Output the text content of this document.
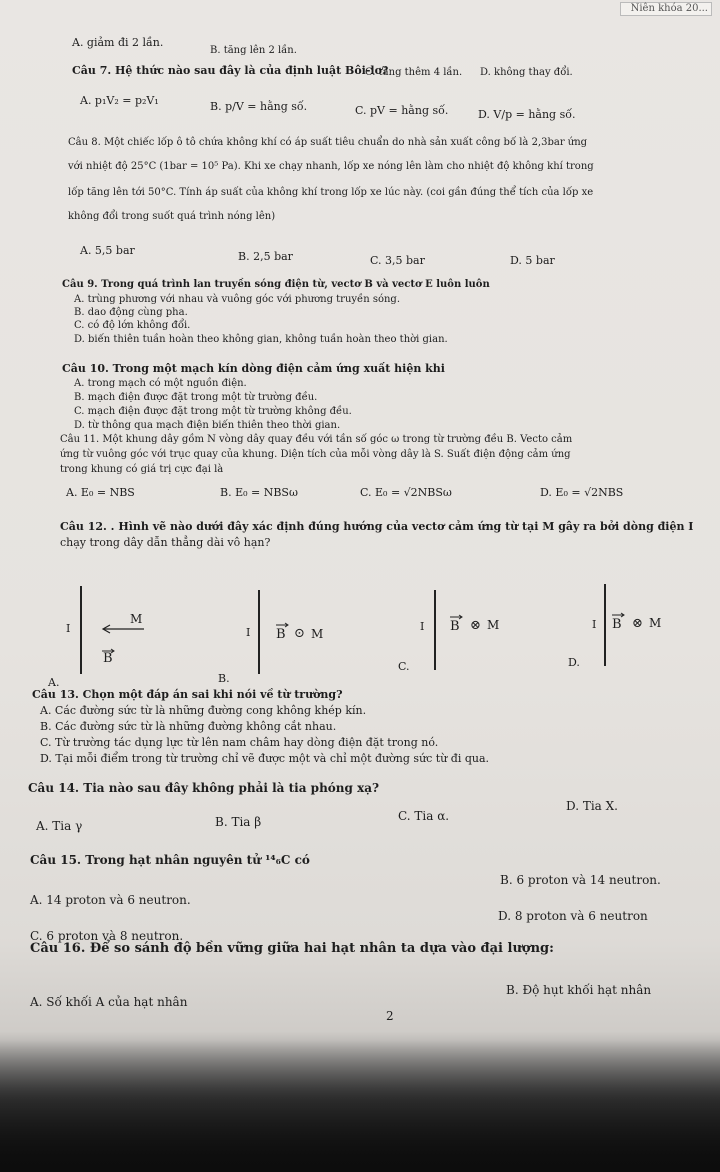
Niên khóa 20...
A. giảm đi 2 lần.
B. tăng lên 2 lần.
C. tăng thêm 4 lần. D. không thay đổi.
Câu 7. Hệ thức nào sau đây là của định luật Bôi-lơ?
A. p₁V₂ = p₂V₁	B. p/V = hằng số.	C. pV = hằng số.	D. V/p = hằng số.
Câu 8. Một chiếc lốp ô tô chứa không khí có áp suất tiêu chuẩn do nhà sản xuất công bố là 2,3bar ứng
với nhiệt độ 25°C (1bar = 10⁵ Pa). Khi xe chạy nhanh, lốp xe nóng lên làm cho nhiệt độ không khí trong
lốp tăng lên tới 50°C. Tính áp suất của không khí trong lốp xe lúc này. (coi gần đúng thể tích của lốp xe
không đổi trong suốt quá trình nóng lên)
A. 5,5 bar	B. 2,5 bar	C. 3,5 bar	D. 5 bar
Câu 9. Trong quá trình lan truyền sóng điện từ, vectơ B và vectơ E luôn luôn
A. trùng phương với nhau và vuông góc với phương truyền sóng.
B. dao động cùng pha.
C. có độ lớn không đổi.
D. biến thiên tuần hoàn theo không gian, không tuần hoàn theo thời gian.
Câu 10. Trong một mạch kín dòng điện cảm ứng xuất hiện khi
A. trong mạch có một nguồn điện.
B. mạch điện được đặt trong một từ trường đều.
C. mạch điện được đặt trong một từ trường không đều.
D. từ thông qua mạch điện biến thiên theo thời gian.
Câu 11. Một khung dây gồm N vòng dây quay đều với tần số góc ω trong từ trường đều B. Vecto cảm
ứng từ vuông góc với trục quay của khung. Diện tích của mỗi vòng dây là S. Suất điện động cảm ứng
trong khung có giá trị cực đại là
A. E₀ = NBS	B. E₀ = NBSω	C. E₀ = √2NBSω	D. E₀ = √2NBS
Câu 12. . Hình vẽ nào dưới đây xác định đúng hướng của vectơ cảm ứng từ tại M gây ra bởi dòng điện I
chạy trong dây dẫn thẳng dài vô hạn?
I
M
B
A.
I B ⊙ M
B.
I B ⊗ M
C.
I B ⊗ M
D.
Câu 13. Chọn một đáp án sai khi nói về từ trường?
A. Các đường sức từ là những đường cong không khép kín.
B. Các đường sức từ là những đường không cắt nhau.
C. Từ trường tác dụng lực từ lên nam châm hay dòng điện đặt trong nó.
D. Tại mỗi điểm trong từ trường chỉ vẽ được một và chỉ một đường sức từ đi qua.
Câu 14. Tia nào sau đây không phải là tia phóng xạ?
A. Tia γ	B. Tia β	C. Tia α.
D. Tia X.
Câu 15. Trong hạt nhân nguyên tử ¹⁴₆C có
B. 6 proton và 14 neutron.
A. 14 proton và 6 neutron.
D. 8 proton và 6 neutron
C. 6 proton và 8 neutron.
Câu 16. Để so sánh độ bền vững giữa hai hạt nhân ta dựa vào đại lượng:
B. Độ hụt khối hạt nhân
A. Số khối A của hạt nhân
2
